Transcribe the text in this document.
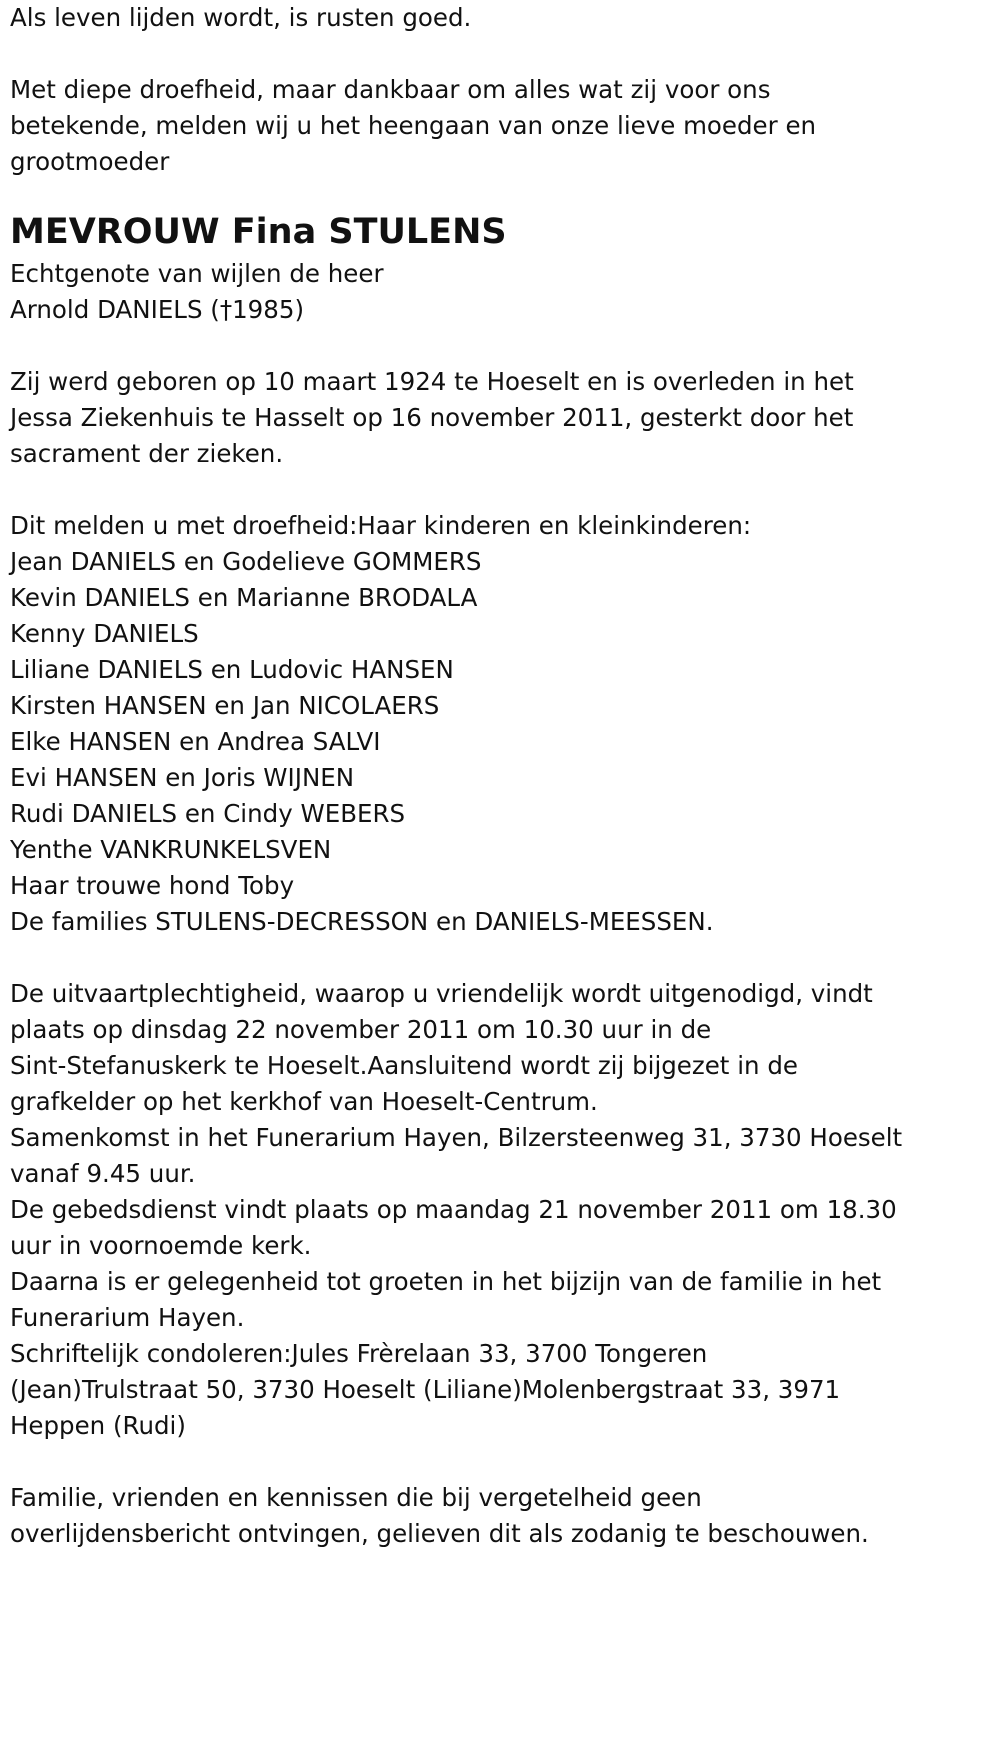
Als leven lijden wordt, is rusten goed.
Met diepe droefheid, maar dankbaar om alles wat zij voor ons
betekende, melden wij u het heengaan van onze lieve moeder en
grootmoeder
MEVROUW Fina STULENS
Echtgenote van wijlen de heer
Arnold DANIELS (†1985)
Zij werd geboren op 10 maart 1924 te Hoeselt en is overleden in het
Jessa Ziekenhuis te Hasselt op 16 november 2011, gesterkt door het
sacrament der zieken.
Dit melden u met droefheid:Haar kinderen en kleinkinderen:
Jean DANIELS en Godelieve GOMMERS
Kevin DANIELS en Marianne BRODALA
Kenny DANIELS
Liliane DANIELS en Ludovic HANSEN
Kirsten HANSEN en Jan NICOLAERS
Elke HANSEN en Andrea SALVI
Evi HANSEN en Joris WIJNEN
Rudi DANIELS en Cindy WEBERS
Yenthe VANKRUNKELSVEN
Haar trouwe hond Toby
De families STULENS-DECRESSON en DANIELS-MEESSEN.
De uitvaartplechtigheid, waarop u vriendelijk wordt uitgenodigd, vindt
plaats op dinsdag 22 november 2011 om 10.30 uur in de
Sint-Stefanuskerk te Hoeselt.Aansluitend wordt zij bijgezet in de
grafkelder op het kerkhof van Hoeselt-Centrum.
Samenkomst in het Funerarium Hayen, Bilzersteenweg 31, 3730 Hoeselt
vanaf 9.45 uur.
De gebedsdienst vindt plaats op maandag 21 november 2011 om 18.30
uur in voornoemde kerk.
Daarna is er gelegenheid tot groeten in het bijzijn van de familie in het
Funerarium Hayen.
Schriftelijk condoleren:Jules Frèrelaan 33, 3700 Tongeren
(Jean)Trulstraat 50, 3730 Hoeselt (Liliane)Molenbergstraat 33, 3971
Heppen (Rudi)
Familie, vrienden en kennissen die bij vergetelheid geen
overlijdensbericht ontvingen, gelieven dit als zodanig te beschouwen.
